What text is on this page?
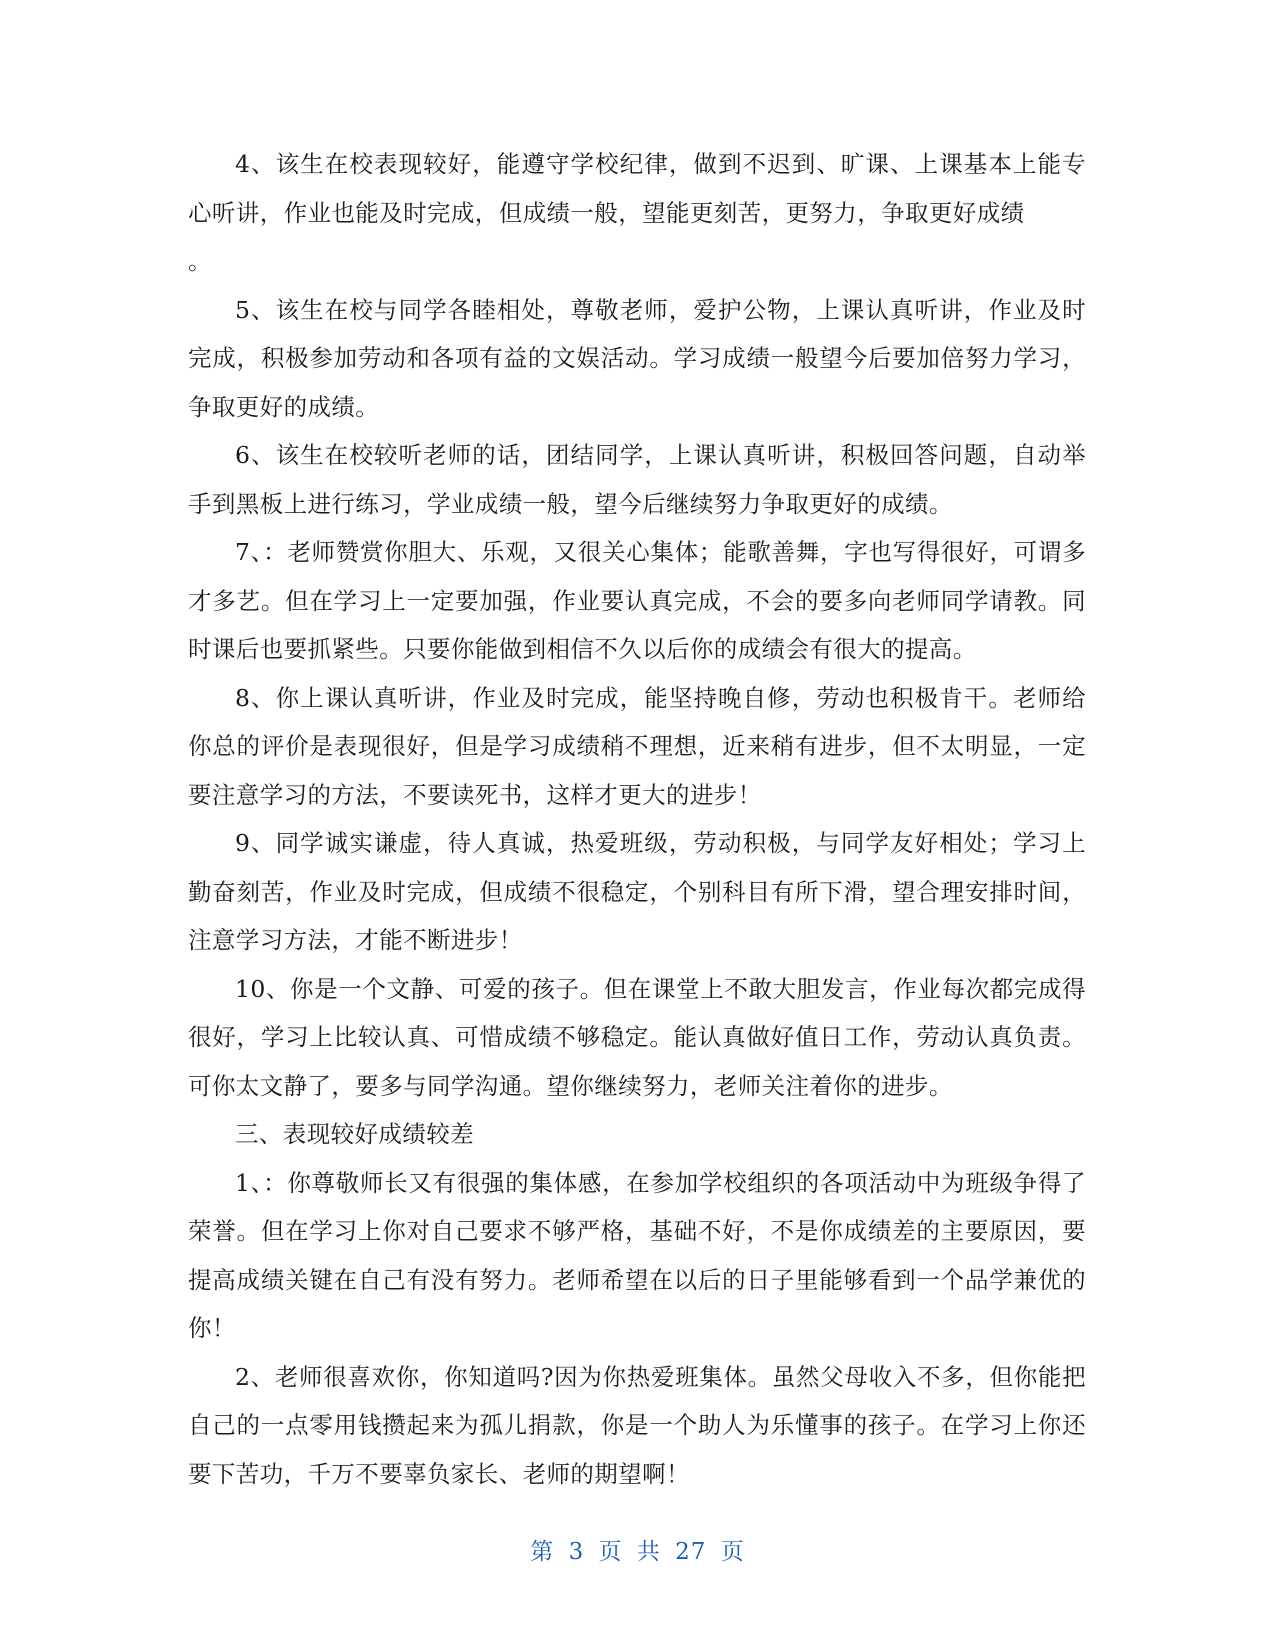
4、该生在校表现较好，能遵守学校纪律，做到不迟到、旷课、上课基本上能专心听讲，作业也能及时完成，但成绩一般，望能更刻苦，更努力，争取更好成绩

。

5、该生在校与同学各睦相处，尊敬老师，爱护公物，上课认真听讲，作业及时完成，积极参加劳动和各项有益的文娱活动。学习成绩一般望今后要加倍努力学习，争取更好的成绩。

6、该生在校较听老师的话，团结同学，上课认真听讲，积极回答问题，自动举手到黑板上进行练习，学业成绩一般，望今后继续努力争取更好的成绩。

7、：老师赞赏你胆大、乐观，又很关心集体；能歌善舞，字也写得很好，可谓多才多艺。但在学习上一定要加强，作业要认真完成，不会的要多向老师同学请教。同时课后也要抓紧些。只要你能做到相信不久以后你的成绩会有很大的提高。

8、你上课认真听讲，作业及时完成，能坚持晚自修，劳动也积极肯干。老师给你总的评价是表现很好，但是学习成绩稍不理想，近来稍有进步，但不太明显，一定要注意学习的方法，不要读死书，这样才更大的进步！

9、同学诚实谦虚，待人真诚，热爱班级，劳动积极，与同学友好相处；学习上勤奋刻苦，作业及时完成，但成绩不很稳定，个别科目有所下滑，望合理安排时间，注意学习方法，才能不断进步！

10、你是一个文静、可爱的孩子。但在课堂上不敢大胆发言，作业每次都完成得很好，学习上比较认真、可惜成绩不够稳定。能认真做好值日工作，劳动认真负责。可你太文静了，要多与同学沟通。望你继续努力，老师关注着你的进步。

三、表现较好成绩较差

1、：你尊敬师长又有很强的集体感，在参加学校组织的各项活动中为班级争得了荣誉。但在学习上你对自己要求不够严格，基础不好，不是你成绩差的主要原因，要提高成绩关键在自己有没有努力。老师希望在以后的日子里能够看到一个品学兼优的你！

2、老师很喜欢你，你知道吗?因为你热爱班集体。虽然父母收入不多，但你能把自己的一点零用钱攒起来为孤儿捐款，你是一个助人为乐懂事的孩子。在学习上你还要下苦功，千万不要辜负家长、老师的期望啊！

第 3 页 共 27 页
